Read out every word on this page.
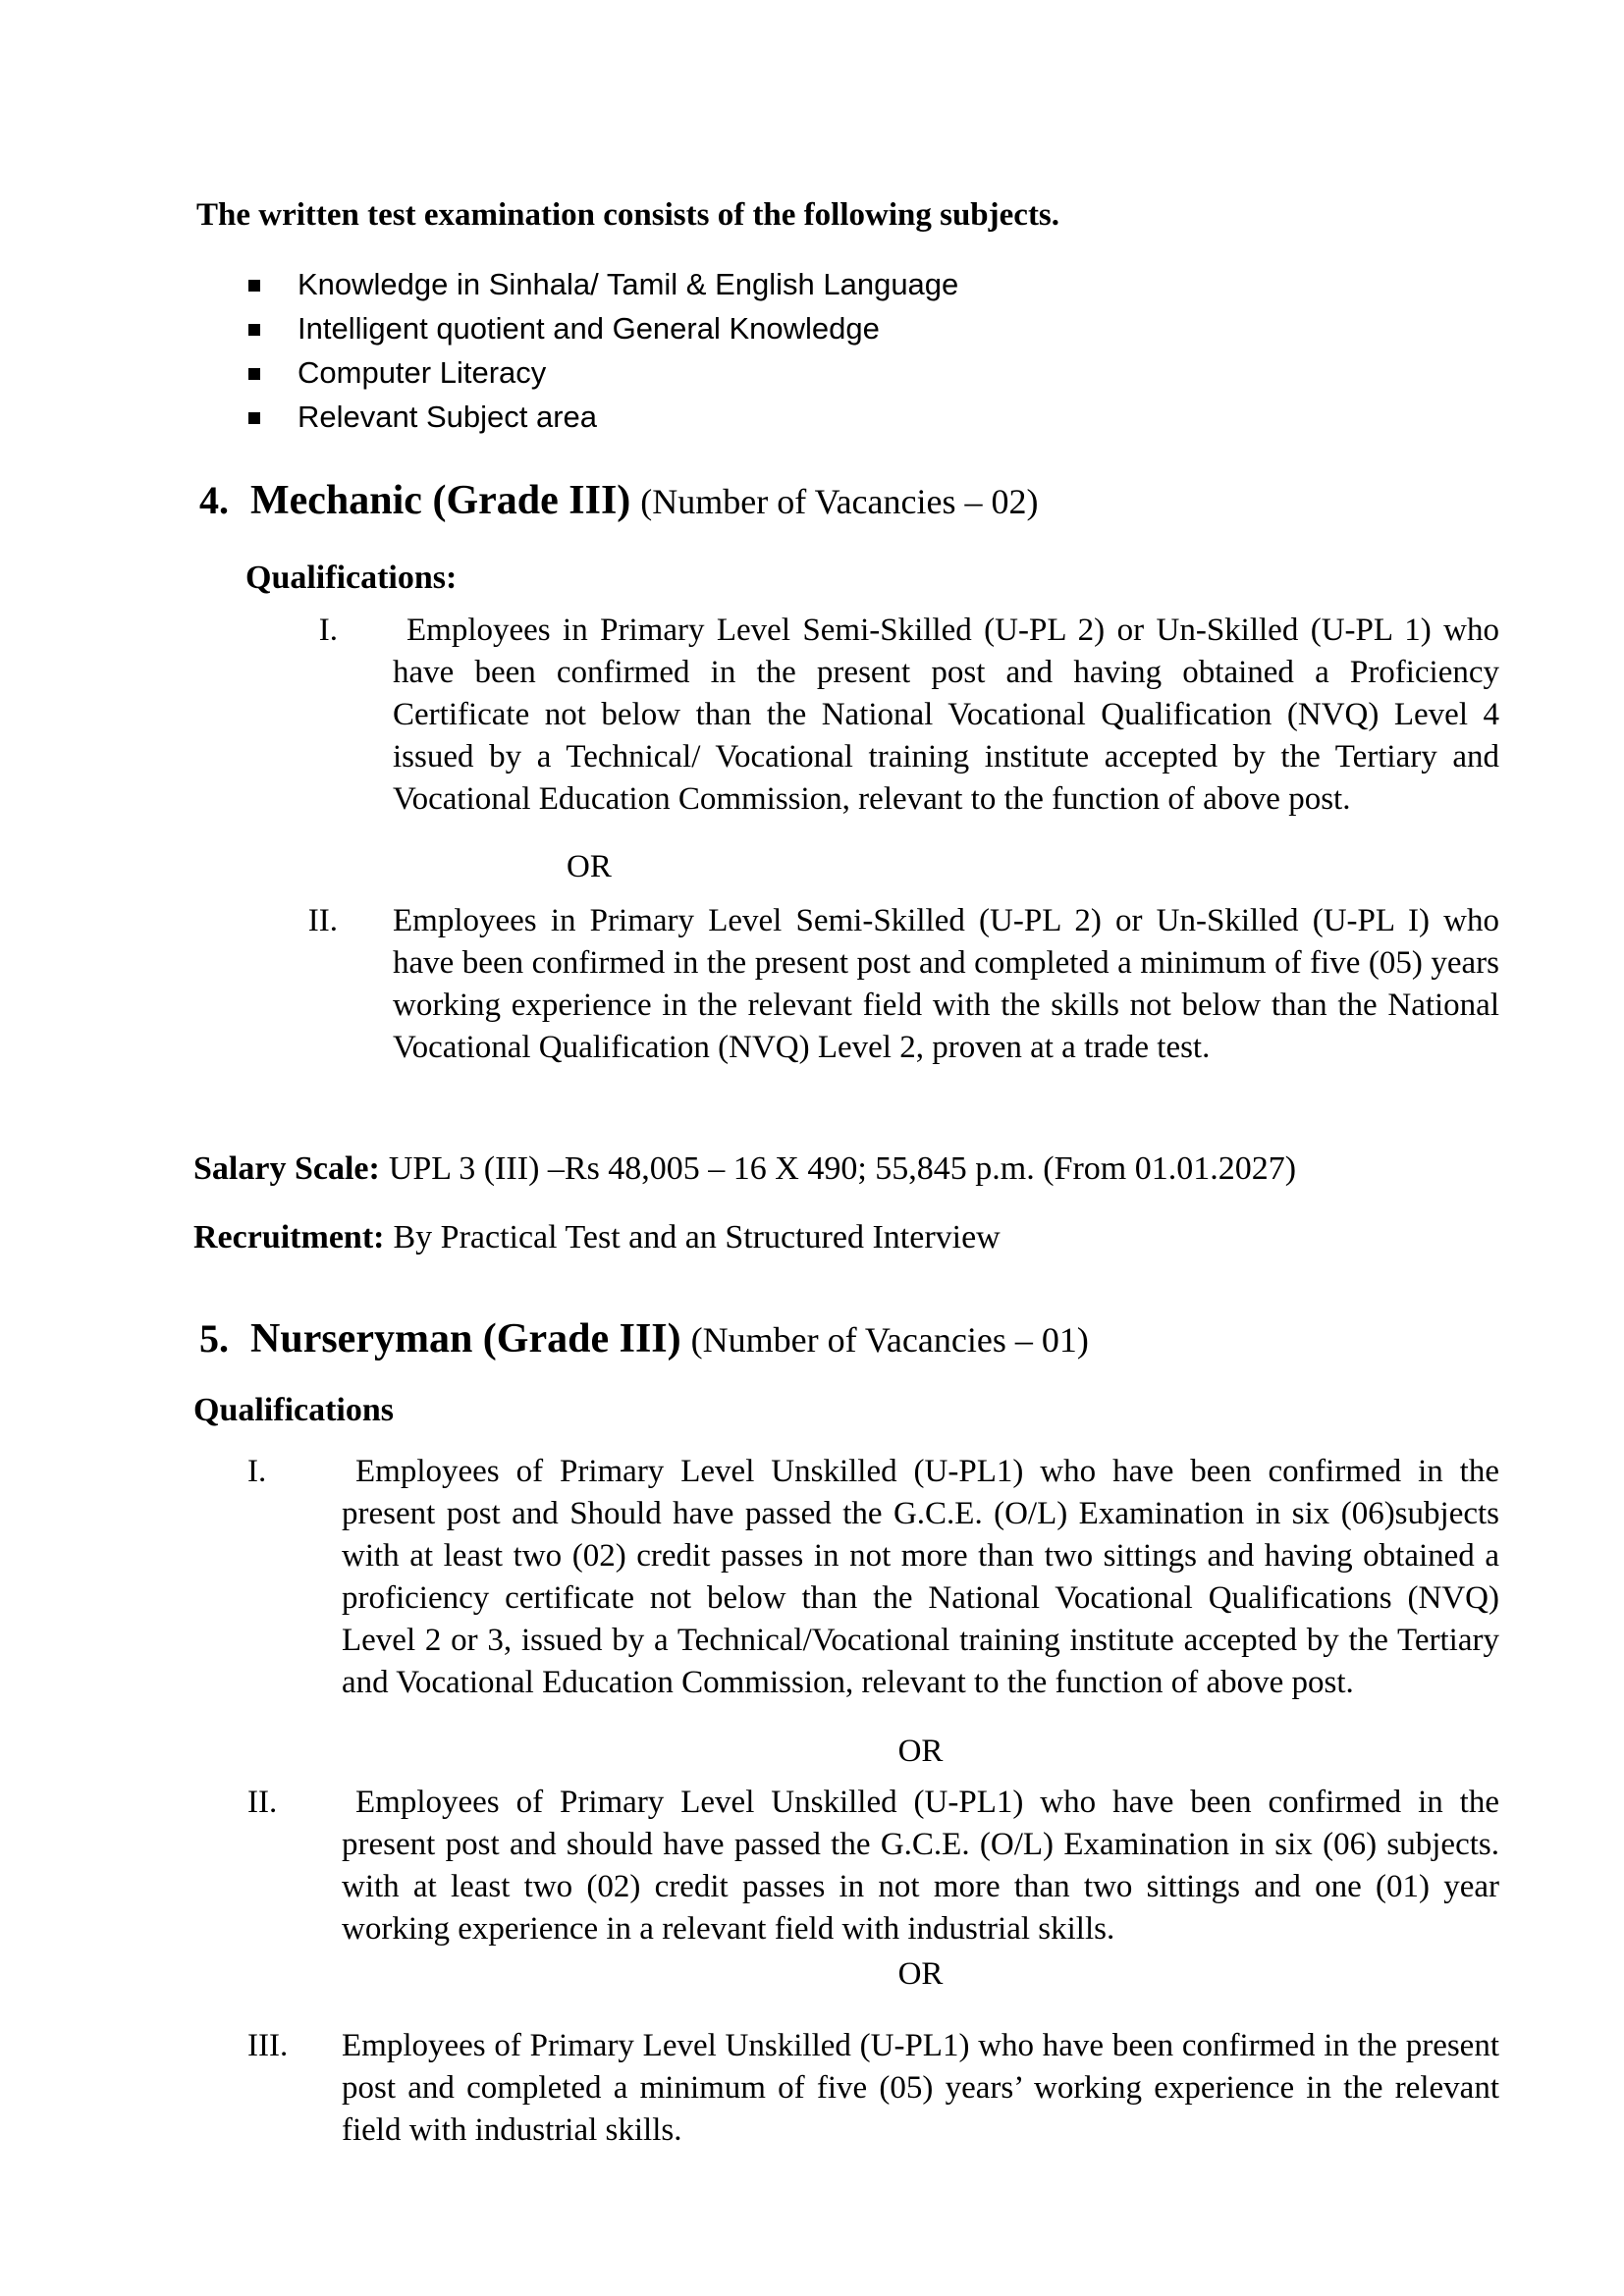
The written test examination consists of the following subjects.
Knowledge in Sinhala/ Tamil & English Language
Intelligent quotient and General Knowledge
Computer Literacy
Relevant Subject area
4. Mechanic (Grade III) (Number of Vacancies – 02)
Qualifications:
I.	Employees in Primary Level Semi-Skilled (U-PL 2) or Un-Skilled (U-PL 1) who have been confirmed in the present post and having obtained a Proficiency Certificate not below than the National Vocational Qualification (NVQ) Level 4 issued by a Technical/ Vocational training institute accepted by the Tertiary and Vocational Education Commission, relevant to the function of above post.
OR
II. Employees in Primary Level Semi-Skilled (U-PL 2) or Un-Skilled (U-PL I) who have been confirmed in the present post and completed a minimum of five (05) years working experience in the relevant field with the skills not below than the National Vocational Qualification (NVQ) Level 2, proven at a trade test.
Salary Scale: UPL 3 (III) –Rs 48,005 – 16 X 490; 55,845 p.m. (From 01.01.2027)
Recruitment: By Practical Test and an Structured Interview
5. Nurseryman (Grade III) (Number of Vacancies – 01)
Qualifications
I.	Employees of Primary Level Unskilled (U-PL1) who have been confirmed in the present post and Should have passed the G.C.E. (O/L) Examination in six (06)subjects with at least two (02) credit passes in not more than two sittings and having obtained a proficiency certificate not below than the National Vocational Qualifications (NVQ) Level 2 or 3, issued by a Technical/Vocational training institute accepted by the Tertiary and Vocational Education Commission, relevant to the function of above post.
OR
II.	Employees of Primary Level Unskilled (U-PL1) who have been confirmed in the present post and should have passed the G.C.E. (O/L) Examination in six (06) subjects. with at least two (02) credit passes in not more than two sittings and one (01) year working experience in a relevant field with industrial skills.
OR
III.	Employees of Primary Level Unskilled (U-PL1) who have been confirmed in the present post and completed a minimum of five (05) years’ working experience in the relevant field with industrial skills.
